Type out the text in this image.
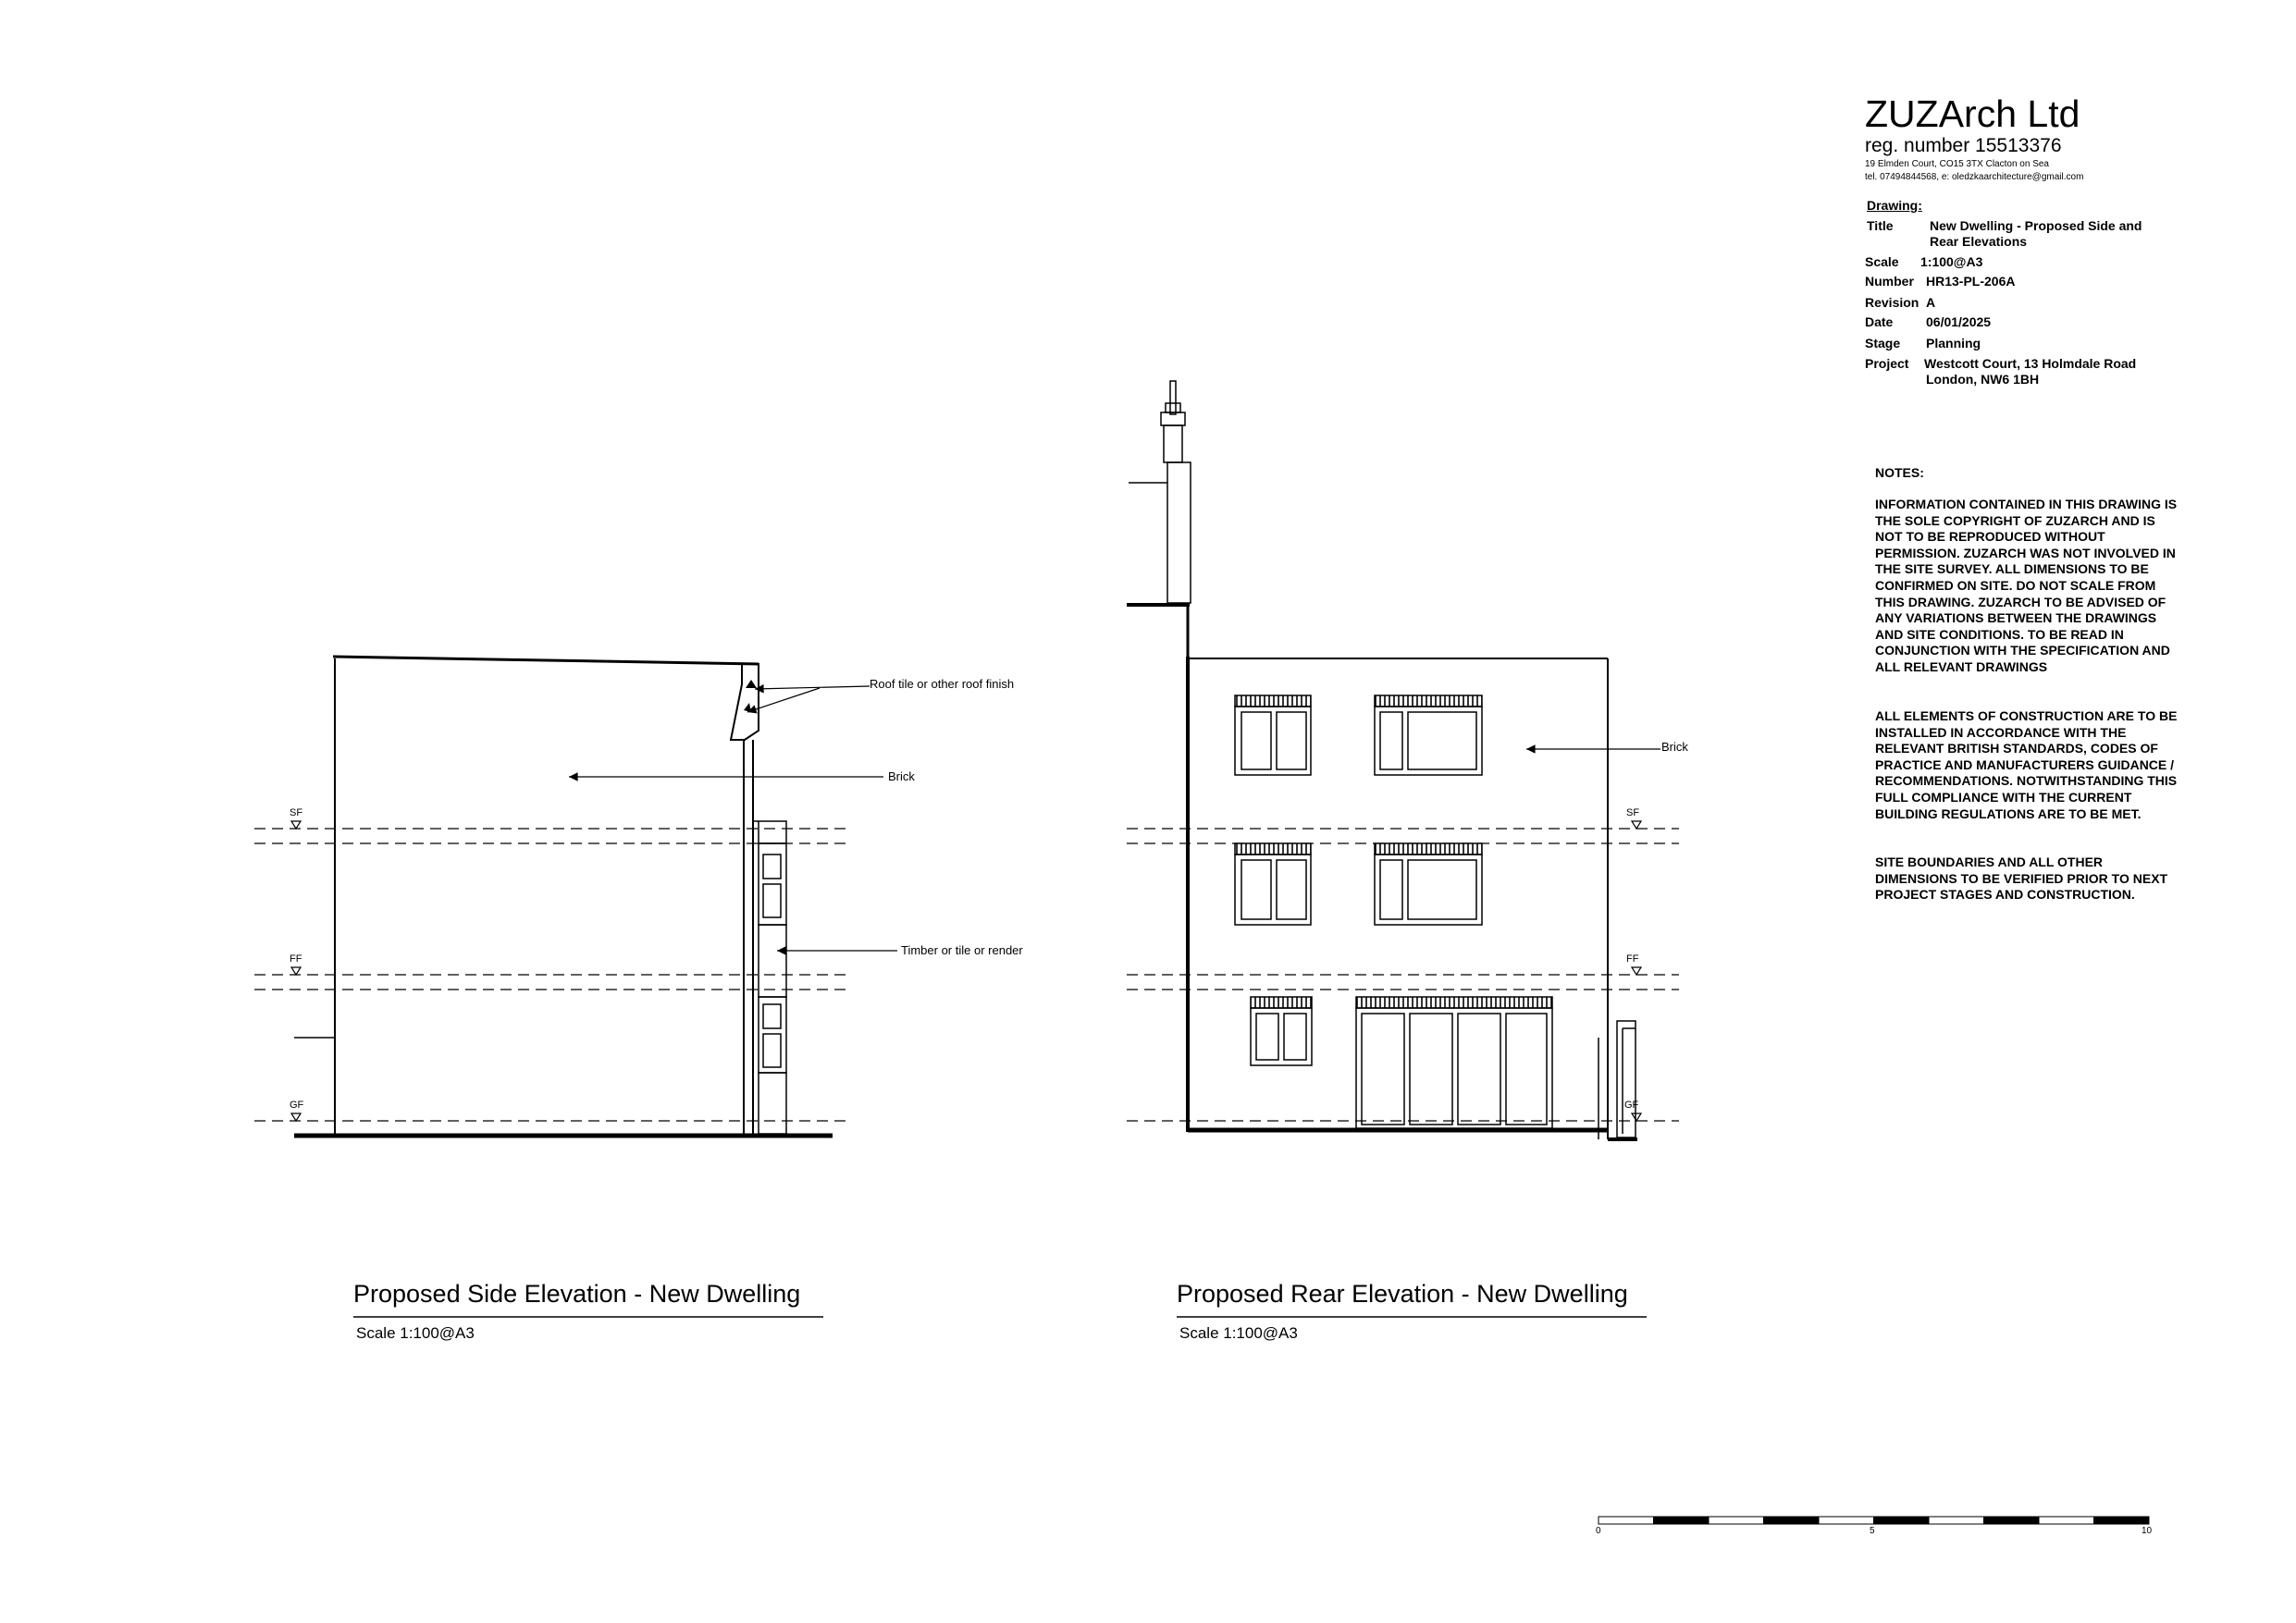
ZUZArch Ltd
reg. number 15513376
19 Elmden Court, CO15 3TX Clacton on Sea
tel. 07494844568, e: oledzkaarchitecture@gmail.com
Drawing:
Title	New Dwelling - Proposed Side and
Rear Elevations
Scale 1:100@A3
Number HR13-PL-206A
Revision A
Date	06/01/2025
Stage Planning
Project Westcott Court, 13 Holmdale Road
London, NW6 1BH
NOTES:
INFORMATION CONTAINED IN THIS DRAWING IS THE SOLE COPYRIGHT OF ZUZARCH AND IS NOT TO BE REPRODUCED WITHOUT PERMISSION. ZUZARCH WAS NOT INVOLVED IN THE SITE SURVEY. ALL DIMENSIONS TO BE CONFIRMED ON SITE. DO NOT SCALE FROM THIS DRAWING. ZUZARCH TO BE ADVISED OF ANY VARIATIONS BETWEEN THE DRAWINGS AND SITE CONDITIONS. TO BE READ IN CONJUNCTION WITH THE SPECIFICATION AND ALL RELEVANT DRAWINGS
ALL ELEMENTS OF CONSTRUCTION ARE TO BE INSTALLED IN ACCORDANCE WITH THE RELEVANT BRITISH STANDARDS, CODES OF PRACTICE AND MANUFACTURERS GUIDANCE / RECOMMENDATIONS. NOTWITHSTANDING THIS FULL COMPLIANCE WITH THE CURRENT BUILDING REGULATIONS ARE TO BE MET.
SITE BOUNDARIES AND ALL OTHER DIMENSIONS TO BE VERIFIED PRIOR TO NEXT PROJECT STAGES AND CONSTRUCTION.
Roof tile or other roof finish
Brick
Timber or tile or render
SF
FF
GF
Proposed Side Elevation - New Dwelling
Scale 1:100@A3
Brick
SF
FF
GF
Proposed Rear Elevation - New Dwelling
Scale 1:100@A3
0	5	10
